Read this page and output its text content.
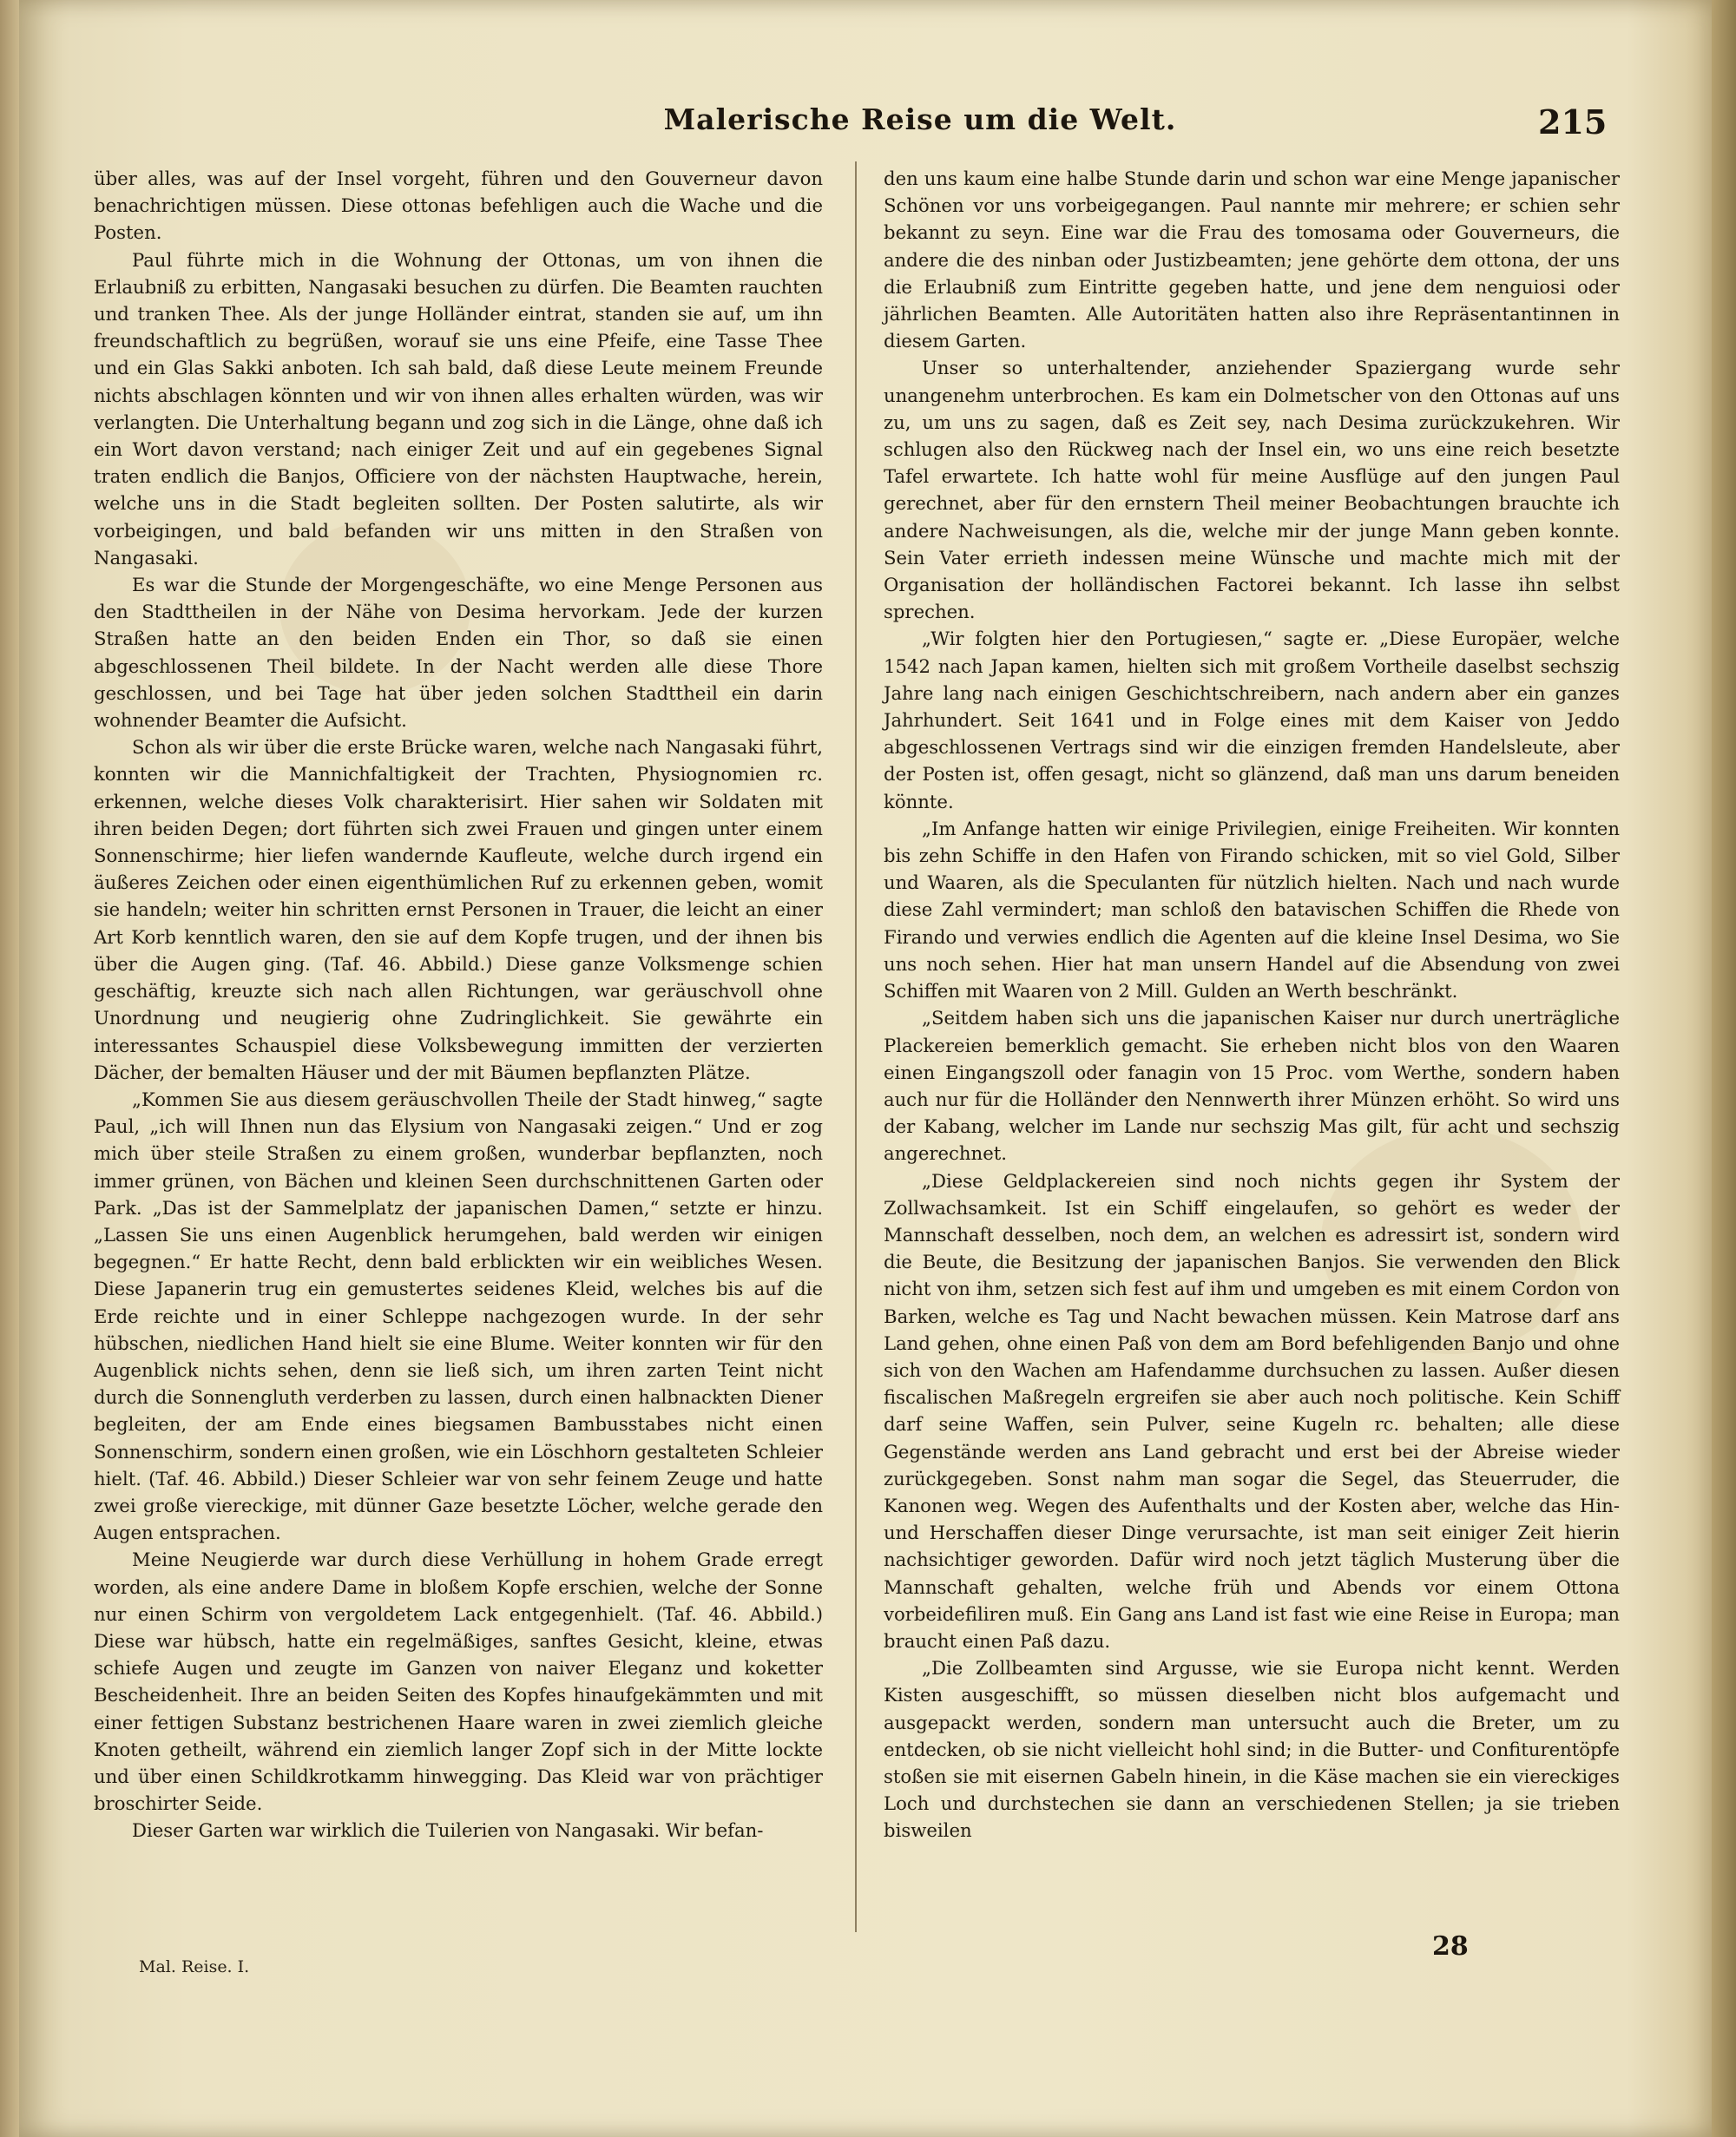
Malerische Reise um die Welt.	215

über alles, was auf der Insel vorgeht, führen und den Gouverneur davon benachrichtigen müssen. Diese ottonas befehligen auch die Wache und die Posten.

Paul führte mich in die Wohnung der Ottonas, um von ihnen die Erlaubniß zu erbitten, Nangasaki besuchen zu dürfen. Die Beamten rauchten und tranken Thee. Als der junge Holländer eintrat, standen sie auf, um ihn freundschaftlich zu begrüßen, worauf sie uns eine Pfeife, eine Tasse Thee und ein Glas Sakki anboten. Ich sah bald, daß diese Leute meinem Freunde nichts abschlagen könnten und wir von ihnen alles erhalten würden, was wir verlangten. Die Unterhaltung begann und zog sich in die Länge, ohne daß ich ein Wort davon verstand; nach einiger Zeit und auf ein gegebenes Signal traten endlich die Banjos, Officiere von der nächsten Hauptwache, herein, welche uns in die Stadt begleiten sollten. Der Posten salutirte, als wir vorbeigingen, und bald befanden wir uns mitten in den Straßen von Nangasaki.

Es war die Stunde der Morgengeschäfte, wo eine Menge Personen aus den Stadttheilen in der Nähe von Desima hervorkam. Jede der kurzen Straßen hatte an den beiden Enden ein Thor, so daß sie einen abgeschlossenen Theil bildete. In der Nacht werden alle diese Thore geschlossen, und bei Tage hat über jeden solchen Stadttheil ein darin wohnender Beamter die Aufsicht.

Schon als wir über die erste Brücke waren, welche nach Nangasaki führt, konnten wir die Mannichfaltigkeit der Trachten, Physiognomien rc. erkennen, welche dieses Volk charakterisirt. Hier sahen wir Soldaten mit ihren beiden Degen; dort führten sich zwei Frauen und gingen unter einem Sonnenschirme; hier liefen wandernde Kaufleute, welche durch irgend ein äußeres Zeichen oder einen eigenthümlichen Ruf zu erkennen geben, womit sie handeln; weiter hin schritten ernst Personen in Trauer, die leicht an einer Art Korb kenntlich waren, den sie auf dem Kopfe trugen, und der ihnen bis über die Augen ging. (Taf. 46. Abbild.) Diese ganze Volksmenge schien geschäftig, kreuzte sich nach allen Richtungen, war geräuschvoll ohne Unordnung und neugierig ohne Zudringlichkeit. Sie gewährte ein interessantes Schauspiel diese Volksbewegung immitten der verzierten Dächer, der bemalten Häuser und der mit Bäumen bepflanzten Plätze.

„Kommen Sie aus diesem geräuschvollen Theile der Stadt hinweg,“ sagte Paul, „ich will Ihnen nun das Elysium von Nangasaki zeigen.“ Und er zog mich über steile Straßen zu einem großen, wunderbar bepflanzten, noch immer grünen, von Bächen und kleinen Seen durchschnittenen Garten oder Park. „Das ist der Sammelplatz der japanischen Damen,“ setzte er hinzu. „Lassen Sie uns einen Augenblick herumgehen, bald werden wir einigen begegnen.“ Er hatte Recht, denn bald erblickten wir ein weibliches Wesen. Diese Japanerin trug ein gemustertes seidenes Kleid, welches bis auf die Erde reichte und in einer Schleppe nachgezogen wurde. In der sehr hübschen, niedlichen Hand hielt sie eine Blume. Weiter konnten wir für den Augenblick nichts sehen, denn sie ließ sich, um ihren zarten Teint nicht durch die Sonnengluth verderben zu lassen, durch einen halbnackten Diener begleiten, der am Ende eines biegsamen Bambusstabes nicht einen Sonnenschirm, sondern einen großen, wie ein Löschhorn gestalteten Schleier hielt. (Taf. 46. Abbild.) Dieser Schleier war von sehr feinem Zeuge und hatte zwei große viereckige, mit dünner Gaze besetzte Löcher, welche gerade den Augen entsprachen.

Meine Neugierde war durch diese Verhüllung in hohem Grade erregt worden, als eine andere Dame in bloßem Kopfe erschien, welche der Sonne nur einen Schirm von vergoldetem Lack entgegenhielt. (Taf. 46. Abbild.) Diese war hübsch, hatte ein regelmäßiges, sanftes Gesicht, kleine, etwas schiefe Augen und zeugte im Ganzen von naiver Eleganz und koketter Bescheidenheit. Ihre an beiden Seiten des Kopfes hinaufgekämmten und mit einer fettigen Substanz bestrichenen Haare waren in zwei ziemlich gleiche Knoten getheilt, während ein ziemlich langer Zopf sich in der Mitte lockte und über einen Schildkrotkamm hinwegging. Das Kleid war von prächtiger broschirter Seide.

Dieser Garten war wirklich die Tuilerien von Nangasaki. Wir befan-

den uns kaum eine halbe Stunde darin und schon war eine Menge japanischer Schönen vor uns vorbeigegangen. Paul nannte mir mehrere; er schien sehr bekannt zu seyn. Eine war die Frau des tomosama oder Gouverneurs, die andere die des ninban oder Justizbeamten; jene gehörte dem ottona, der uns die Erlaubniß zum Eintritte gegeben hatte, und jene dem nenguiosi oder jährlichen Beamten. Alle Autoritäten hatten also ihre Repräsentantinnen in diesem Garten.

Unser so unterhaltender, anziehender Spaziergang wurde sehr unangenehm unterbrochen. Es kam ein Dolmetscher von den Ottonas auf uns zu, um uns zu sagen, daß es Zeit sey, nach Desima zurückzukehren. Wir schlugen also den Rückweg nach der Insel ein, wo uns eine reich besetzte Tafel erwartete. Ich hatte wohl für meine Ausflüge auf den jungen Paul gerechnet, aber für den ernstern Theil meiner Beobachtungen brauchte ich andere Nachweisungen, als die, welche mir der junge Mann geben konnte. Sein Vater errieth indessen meine Wünsche und machte mich mit der Organisation der holländischen Factorei bekannt. Ich lasse ihn selbst sprechen.

„Wir folgten hier den Portugiesen,“ sagte er. „Diese Europäer, welche 1542 nach Japan kamen, hielten sich mit großem Vortheile daselbst sechszig Jahre lang nach einigen Geschichtschreibern, nach andern aber ein ganzes Jahrhundert. Seit 1641 und in Folge eines mit dem Kaiser von Jeddo abgeschlossenen Vertrags sind wir die einzigen fremden Handelsleute, aber der Posten ist, offen gesagt, nicht so glänzend, daß man uns darum beneiden könnte.

„Im Anfange hatten wir einige Privilegien, einige Freiheiten. Wir konnten bis zehn Schiffe in den Hafen von Firando schicken, mit so viel Gold, Silber und Waaren, als die Speculanten für nützlich hielten. Nach und nach wurde diese Zahl vermindert; man schloß den batavischen Schiffen die Rhede von Firando und verwies endlich die Agenten auf die kleine Insel Desima, wo Sie uns noch sehen. Hier hat man unsern Handel auf die Absendung von zwei Schiffen mit Waaren von 2 Mill. Gulden an Werth beschränkt.

„Seitdem haben sich uns die japanischen Kaiser nur durch unerträgliche Plackereien bemerklich gemacht. Sie erheben nicht blos von den Waaren einen Eingangszoll oder fanagin von 15 Proc. vom Werthe, sondern haben auch nur für die Holländer den Nennwerth ihrer Münzen erhöht. So wird uns der Kabang, welcher im Lande nur sechszig Mas gilt, für acht und sechszig angerechnet.

„Diese Geldplackereien sind noch nichts gegen ihr System der Zollwachsamkeit. Ist ein Schiff eingelaufen, so gehört es weder der Mannschaft desselben, noch dem, an welchen es adressirt ist, sondern wird die Beute, die Besitzung der japanischen Banjos. Sie verwenden den Blick nicht von ihm, setzen sich fest auf ihm und umgeben es mit einem Cordon von Barken, welche es Tag und Nacht bewachen müssen. Kein Matrose darf ans Land gehen, ohne einen Paß von dem am Bord befehligenden Banjo und ohne sich von den Wachen am Hafendamme durchsuchen zu lassen. Außer diesen fiscalischen Maßregeln ergreifen sie aber auch noch politische. Kein Schiff darf seine Waffen, sein Pulver, seine Kugeln rc. behalten; alle diese Gegenstände werden ans Land gebracht und erst bei der Abreise wieder zurückgegeben. Sonst nahm man sogar die Segel, das Steuerruder, die Kanonen weg. Wegen des Aufenthalts und der Kosten aber, welche das Hin- und Herschaffen dieser Dinge verursachte, ist man seit einiger Zeit hierin nachsichtiger geworden. Dafür wird noch jetzt täglich Musterung über die Mannschaft gehalten, welche früh und Abends vor einem Ottona vorbeidefiliren muß. Ein Gang ans Land ist fast wie eine Reise in Europa; man braucht einen Paß dazu.

„Die Zollbeamten sind Argusse, wie sie Europa nicht kennt. Werden Kisten ausgeschifft, so müssen dieselben nicht blos aufgemacht und ausgepackt werden, sondern man untersucht auch die Breter, um zu entdecken, ob sie nicht vielleicht hohl sind; in die Butter- und Confiturentöpfe stoßen sie mit eisernen Gabeln hinein, in die Käse machen sie ein viereckiges Loch und durchstechen sie dann an verschiedenen Stellen; ja sie trieben bisweilen

Mal. Reise. I.
28
